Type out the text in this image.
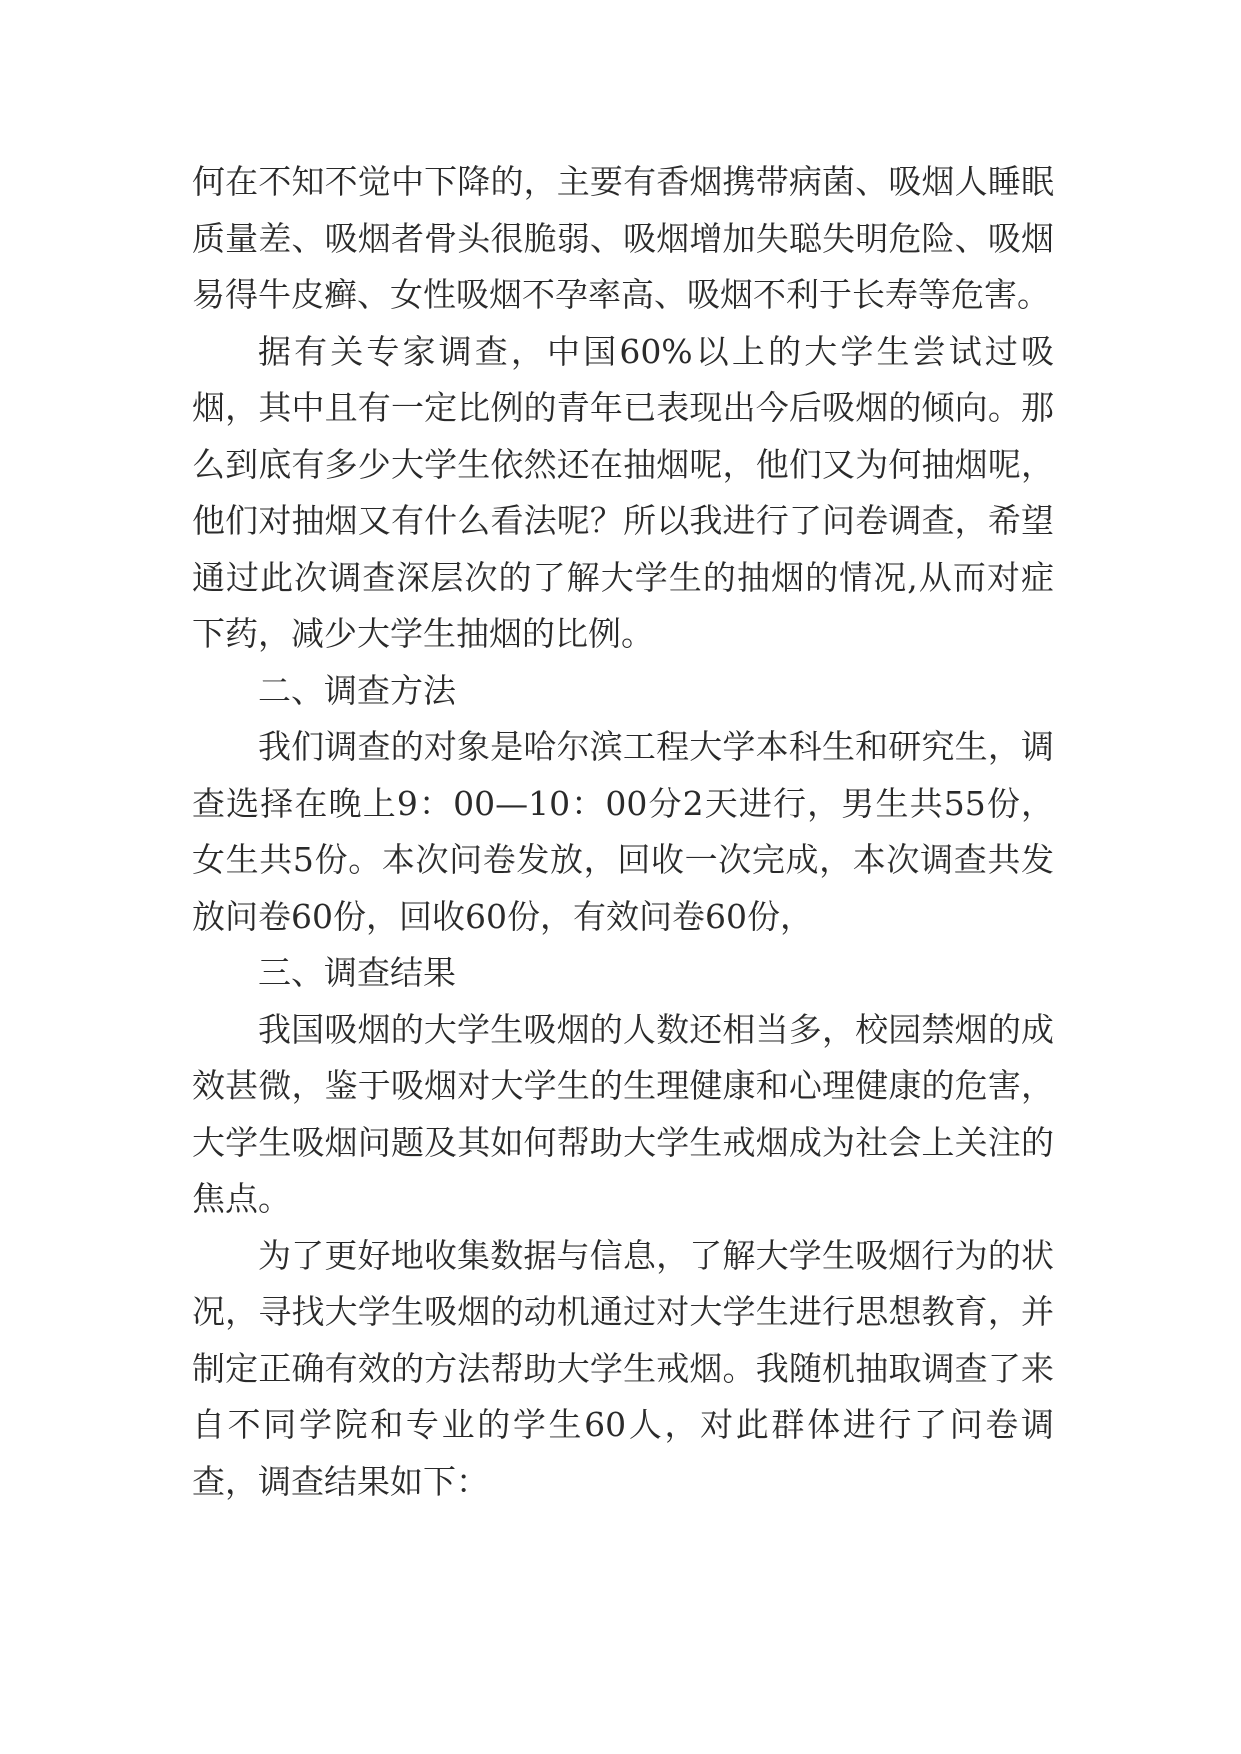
何在不知不觉中下降的，主要有香烟携带病菌、吸烟人睡眠质量差、吸烟者骨头很脆弱、吸烟增加失聪失明危险、吸烟易得牛皮癣、女性吸烟不孕率高、吸烟不利于长寿等危害。

据有关专家调查，中国60%以上的大学生尝试过吸烟，其中且有一定比例的青年已表现出今后吸烟的倾向。那么到底有多少大学生依然还在抽烟呢，他们又为何抽烟呢，他们对抽烟又有什么看法呢？所以我进行了问卷调查，希望通过此次调查深层次的了解大学生的抽烟的情况,从而对症下药，减少大学生抽烟的比例。

二、调查方法

我们调查的对象是哈尔滨工程大学本科生和研究生，调查选择在晚上9：00—10：00分2天进行，男生共55份，女生共5份。本次问卷发放，回收一次完成，本次调查共发放问卷60份，回收60份，有效问卷60份，

三、调查结果

我国吸烟的大学生吸烟的人数还相当多，校园禁烟的成效甚微，鉴于吸烟对大学生的生理健康和心理健康的危害，大学生吸烟问题及其如何帮助大学生戒烟成为社会上关注的焦点。

为了更好地收集数据与信息，了解大学生吸烟行为的状况，寻找大学生吸烟的动机通过对大学生进行思想教育，并制定正确有效的方法帮助大学生戒烟。我随机抽取调查了来自不同学院和专业的学生60人，对此群体进行了问卷调查，调查结果如下：
